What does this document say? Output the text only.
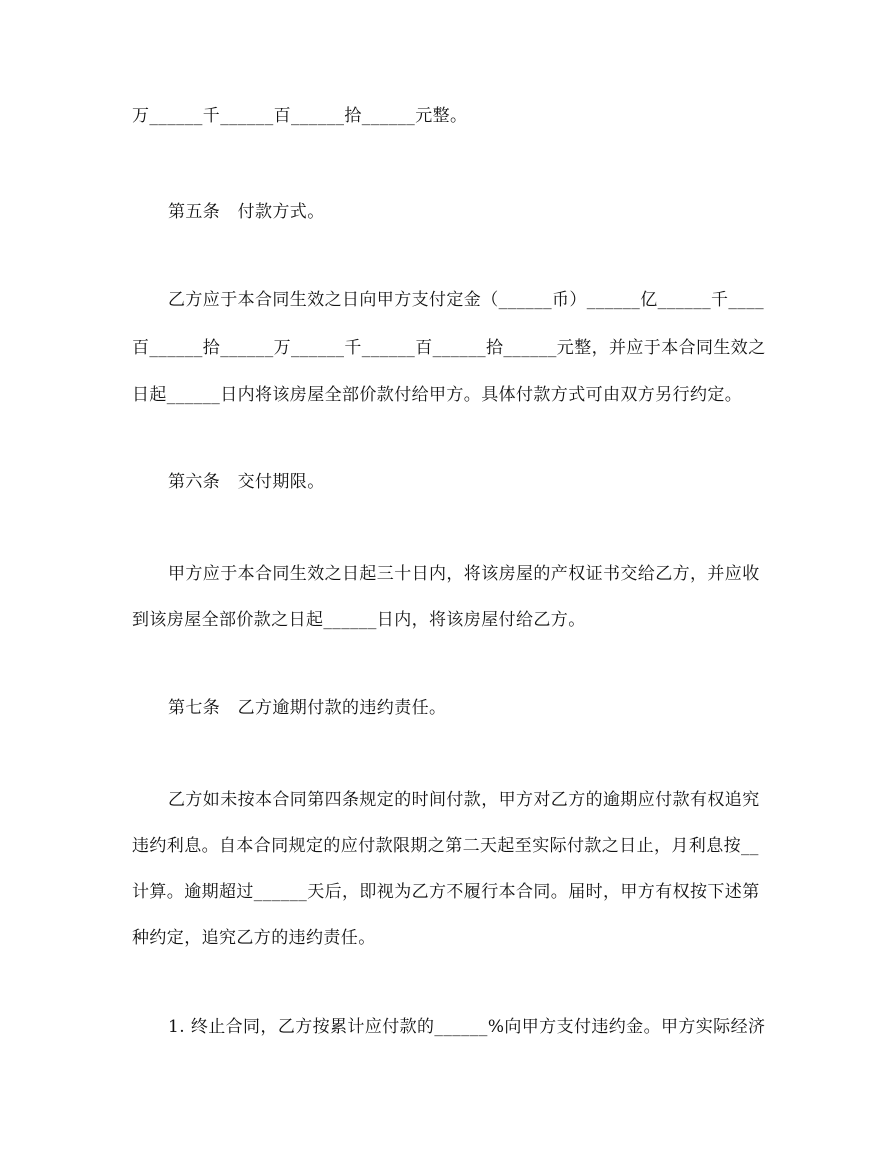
万______千______百______拾______元整。
第五条　付款方式。
乙方应于本合同生效之日向甲方支付定金（______币）______亿______千____
百______拾______万______千______百______拾______元整，并应于本合同生效之
日起______日内将该房屋全部价款付给甲方。具体付款方式可由双方另行约定。
第六条　交付期限。
甲方应于本合同生效之日起三十日内，将该房屋的产权证书交给乙方，并应收
到该房屋全部价款之日起______日内，将该房屋付给乙方。
第七条　乙方逾期付款的违约责任。
乙方如未按本合同第四条规定的时间付款，甲方对乙方的逾期应付款有权追究
违约利息。自本合同规定的应付款限期之第二天起至实际付款之日止，月利息按__
计算。逾期超过______天后，即视为乙方不履行本合同。届时，甲方有权按下述第
种约定，追究乙方的违约责任。
1. 终止合同，乙方按累计应付款的______%向甲方支付违约金。甲方实际经济
